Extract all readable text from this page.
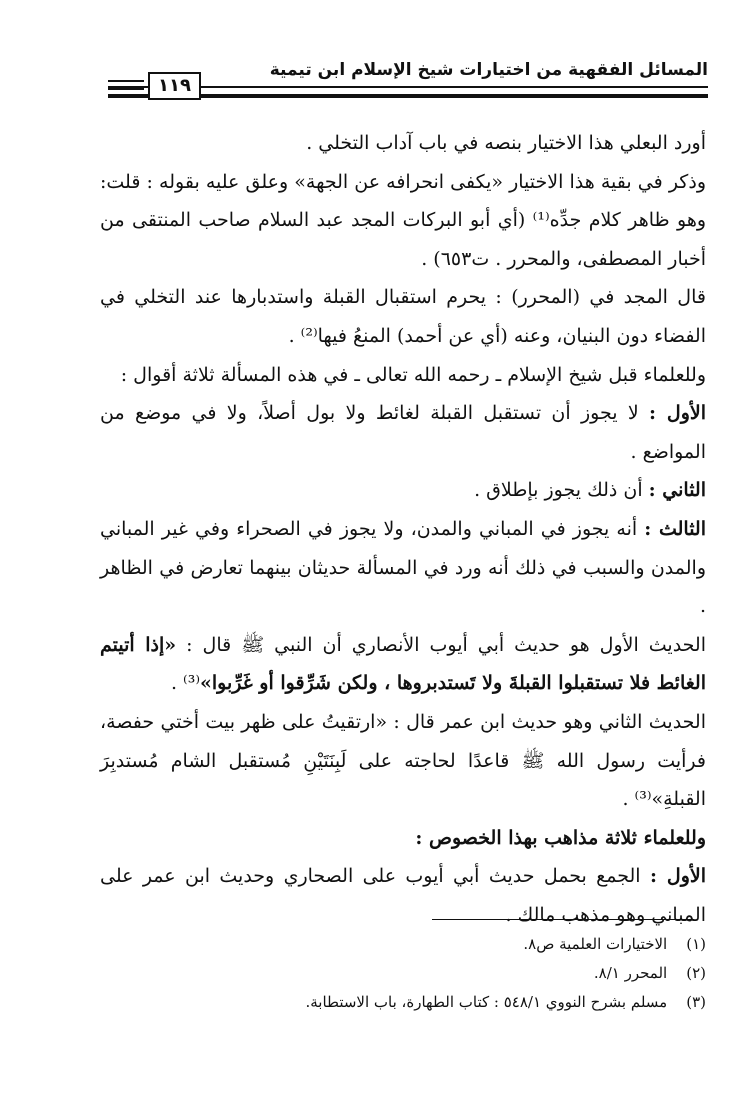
المسائل الفقهية من اختيارات شيخ الإسلام ابن تيمية
١١٩

أورد البعلي هذا الاختيار بنصه في باب آداب التخلي .

وذكر في بقية هذا الاختيار «يكفى انحرافه عن الجهة» وعلق عليه بقوله : قلت: وهو ظاهر كلام جدِّه⁽¹⁾ (أي أبو البركات المجد عبد السلام صاحب المنتقى من أخبار المصطفى، والمحرر . ت٦٥٣) .

قال المجد في (المحرر) : يحرم استقبال القبلة واستدبارها عند التخلي في الفضاء دون البنيان، وعنه (أي عن أحمد) المنعُ فيها⁽²⁾ .

وللعلماء قبل شيخ الإسلام ـ رحمه الله تعالى ـ في هذه المسألة ثلاثة أقوال :

الأول : لا يجوز أن تستقبل القبلة لغائط ولا بول أصلاً، ولا في موضع من المواضع .

الثاني : أن ذلك يجوز بإطلاق .

الثالث : أنه يجوز في المباني والمدن، ولا يجوز في الصحراء وفي غير المباني والمدن والسبب في ذلك أنه ورد في المسألة حديثان بينهما تعارض في الظاهر .

الحديث الأول هو حديث أبي أيوب الأنصاري أن النبي ﷺ قال : «إذا أتيتم الغائط فلا تستقبلوا القبلةَ ولا تَستدبروها ، ولكن شَرِّقوا أو غَرِّبوا»⁽³⁾ .

الحديث الثاني وهو حديث ابن عمر قال : «ارتقيتُ على ظهر بيت أختي حفصة، فرأيت رسول الله ﷺ قاعدًا لحاجته على لَبِنَتَيْنِ مُستقبل الشام مُستدبِرَ القبلةِ»⁽³⁾ .

وللعلماء ثلاثة مذاهب بهذا الخصوص :

الأول : الجمع بحمل حديث أبي أيوب على الصحاري وحديث ابن عمر على المباني وهو مذهب مالك .

(١) الاختيارات العلمية ص٨.
(٢) المحرر ٨/١.
(٣) مسلم بشرح النووي ٥٤٨/١ : كتاب الطهارة، باب الاستطابة.
